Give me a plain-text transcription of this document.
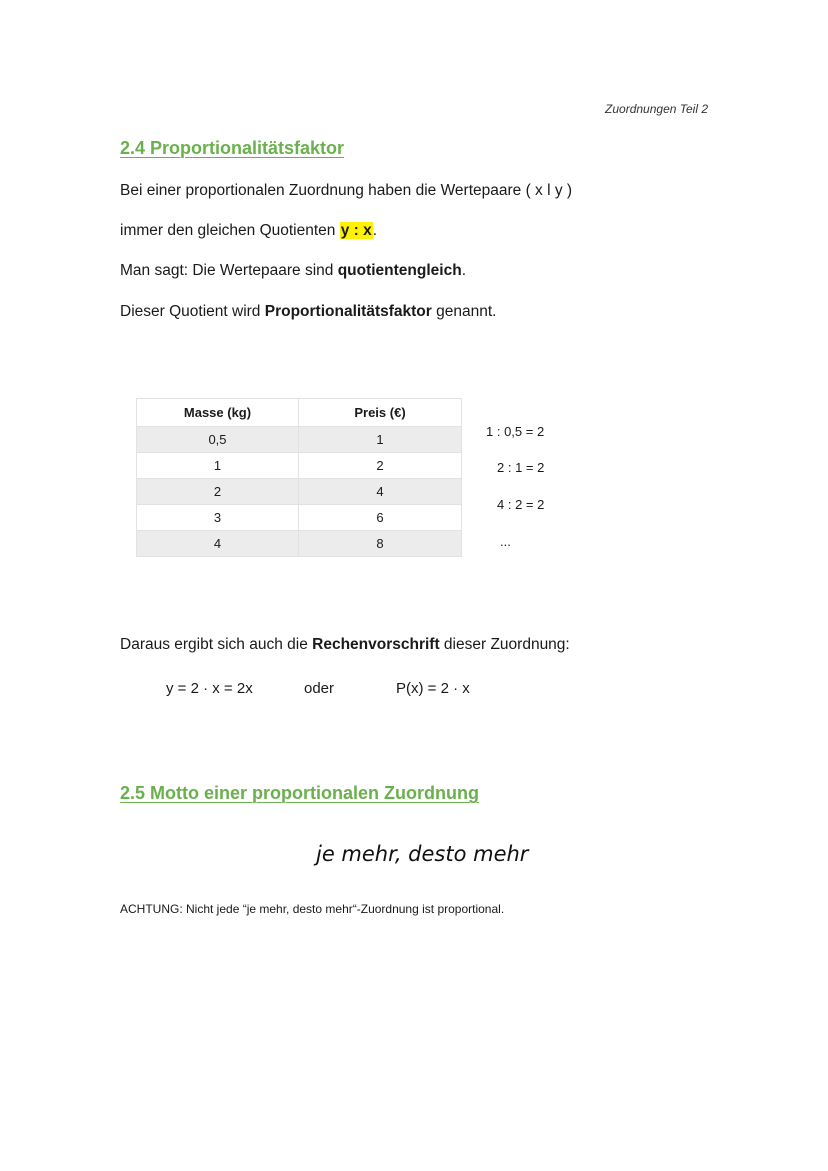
Zuordnungen Teil 2
2.4 Proportionalitätsfaktor
Bei einer proportionalen Zuordnung haben die Wertepaare ( x l y )
immer den gleichen Quotienten y : x.
Man sagt: Die Wertepaare sind quotientengleich.
Dieser Quotient wird Proportionalitätsfaktor genannt.
Masse (kg)	Preis (€)
0,5	1
1	2
2	4
3	6
4	8
1 : 0,5 = 2
2 : 1 = 2
4 : 2 = 2
...
Daraus ergibt sich auch die Rechenvorschrift dieser Zuordnung:
y = 2 · x = 2x	oder	P(x) = 2 · x
2.5 Motto einer proportionalen Zuordnung
je mehr, desto mehr
ACHTUNG: Nicht jede “je mehr, desto mehr“-Zuordnung ist proportional.
